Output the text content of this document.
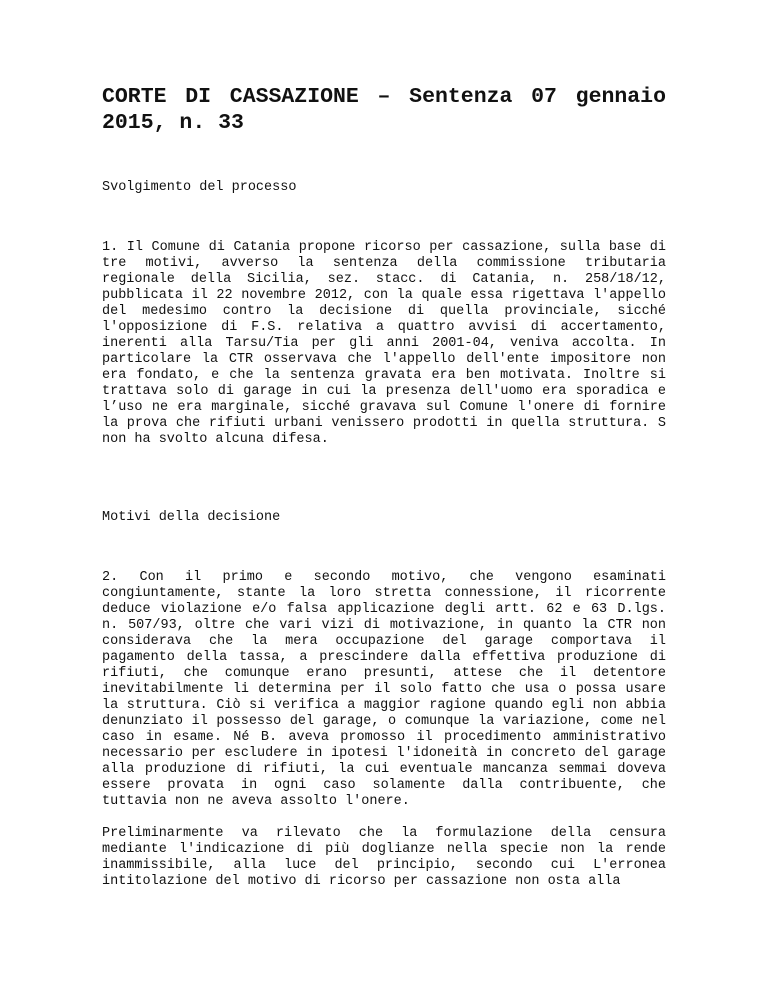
CORTE DI CASSAZIONE – Sentenza 07 gennaio 2015, n. 33
Svolgimento del processo

1. Il Comune di Catania propone ricorso per cassazione, sulla base di tre motivi, avverso la sentenza della commissione tributaria regionale della Sicilia, sez. stacc. di Catania, n. 258/18/12, pubblicata il 22 novembre 2012, con la quale essa rigettava l'appello del medesimo contro la decisione di quella provinciale, sicché l'opposizione di F.S. relativa a quattro avvisi di accertamento, inerenti alla Tarsu/Tia per gli anni 2001-04, veniva accolta. In particolare la CTR osservava che l'appello dell'ente impositore non era fondato, e che la sentenza gravata era ben motivata. Inoltre si trattava solo di garage in cui la presenza dell'uomo era sporadica e l’uso ne era marginale, sicché gravava sul Comune l'onere di fornire la prova che rifiuti urbani venissero prodotti in quella struttura. S non ha svolto alcuna difesa.

Motivi della decisione

2. Con il primo e secondo motivo, che vengono esaminati congiuntamente, stante la loro stretta connessione, il ricorrente deduce violazione e/o falsa applicazione degli artt. 62 e 63 D.lgs. n. 507/93, oltre che vari vizi di motivazione, in quanto la CTR non considerava che la mera occupazione del garage comportava il pagamento della tassa, a prescindere dalla effettiva produzione di rifiuti, che comunque erano presunti, attese che il detentore inevitabilmente li determina per il solo fatto che usa o possa usare la struttura. Ciò si verifica a maggior ragione quando egli non abbia denunziato il possesso del garage, o comunque la variazione, come nel caso in esame. Né B. aveva promosso il procedimento amministrativo necessario per escludere in ipotesi l'idoneità in concreto del garage alla produzione di rifiuti, la cui eventuale mancanza semmai doveva essere provata in ogni caso solamente dalla contribuente, che tuttavia non ne aveva assolto l'onere.

Preliminarmente va rilevato che la formulazione della censura mediante l'indicazione di più doglianze nella specie non la rende inammissibile, alla luce del principio, secondo cui L'erronea intitolazione del motivo di ricorso per cassazione non osta alla
